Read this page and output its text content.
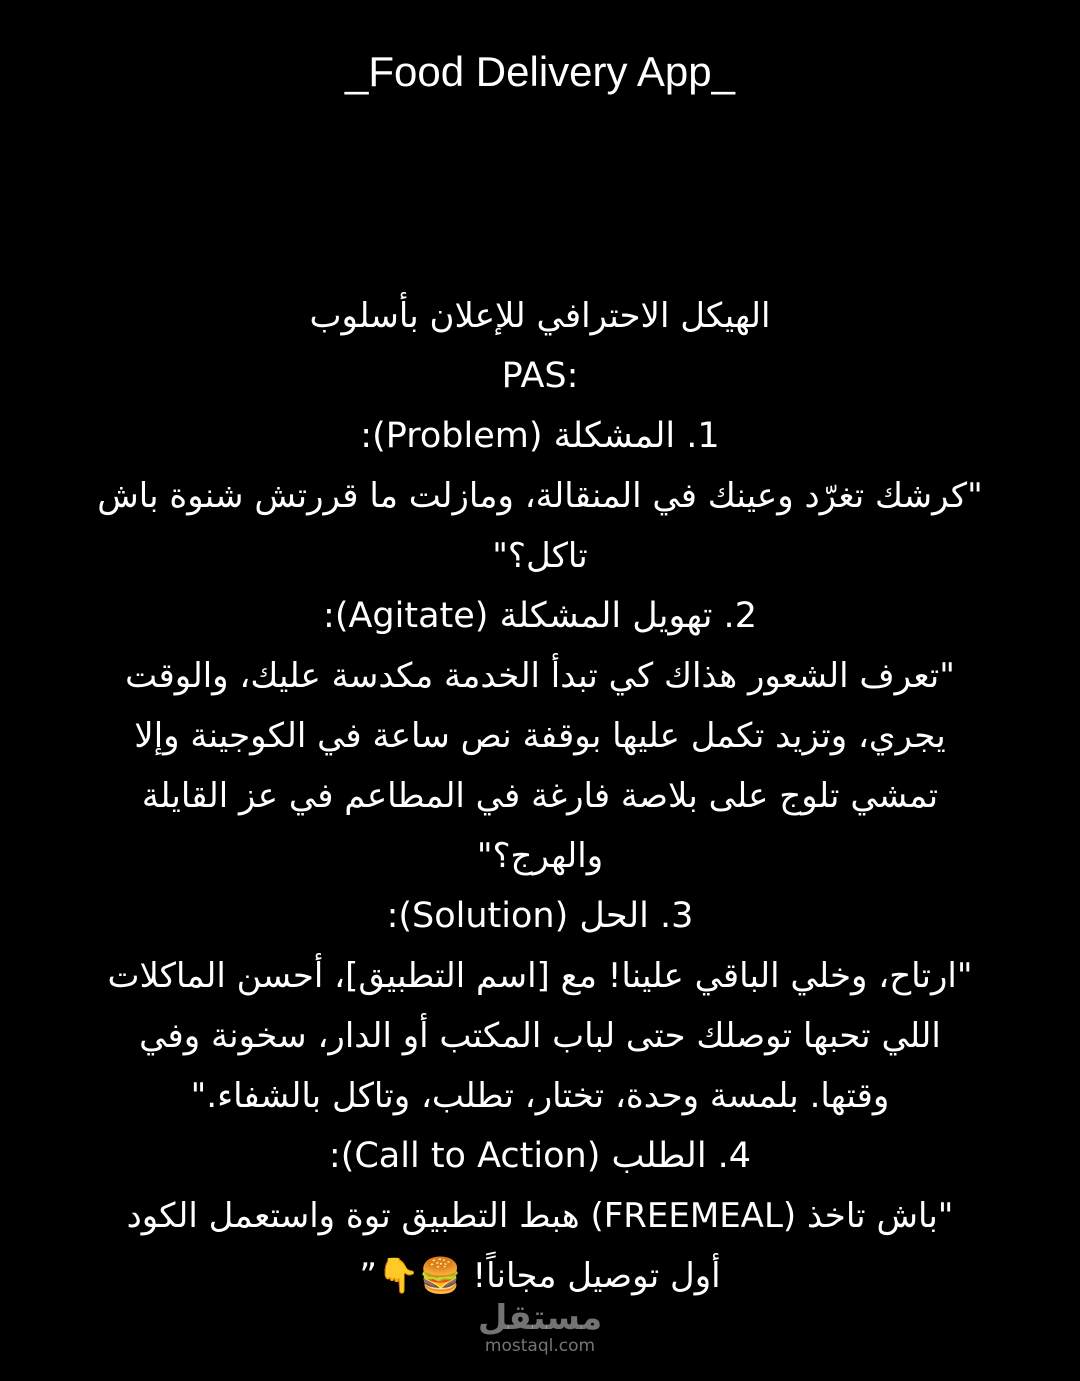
_Food Delivery App_
الهيكل الاحترافي للإعلان بأسلوب
PAS:
1. المشكلة (Problem):
"كرشك تغرّد وعينك في المنقالة، ومازلت ما قررتش شنوة باش
تاكل؟"
2. تهويل المشكلة (Agitate):
"تعرف الشعور هذاك كي تبدأ الخدمة مكدسة عليك، والوقت
يجري، وتزيد تكمل عليها بوقفة نص ساعة في الكوجينة وإلا
تمشي تلوج على بلاصة فارغة في المطاعم في عز القايلة
والهرج؟"
3. الحل (Solution):
"ارتاح، وخلي الباقي علينا! مع [اسم التطبيق]، أحسن الماكلات
اللي تحبها توصلك حتى لباب المكتب أو الدار، سخونة وفي
وقتها. بلمسة وحدة، تختار، تطلب، وتاكل بالشفاء."
4. الطلب (Call to Action):
"باش تاخذ (FREEMEAL) هبط التطبيق توة واستعمل الكود
أول توصيل مجاناً! 🍔👇”
مستقل
mostaql.com
